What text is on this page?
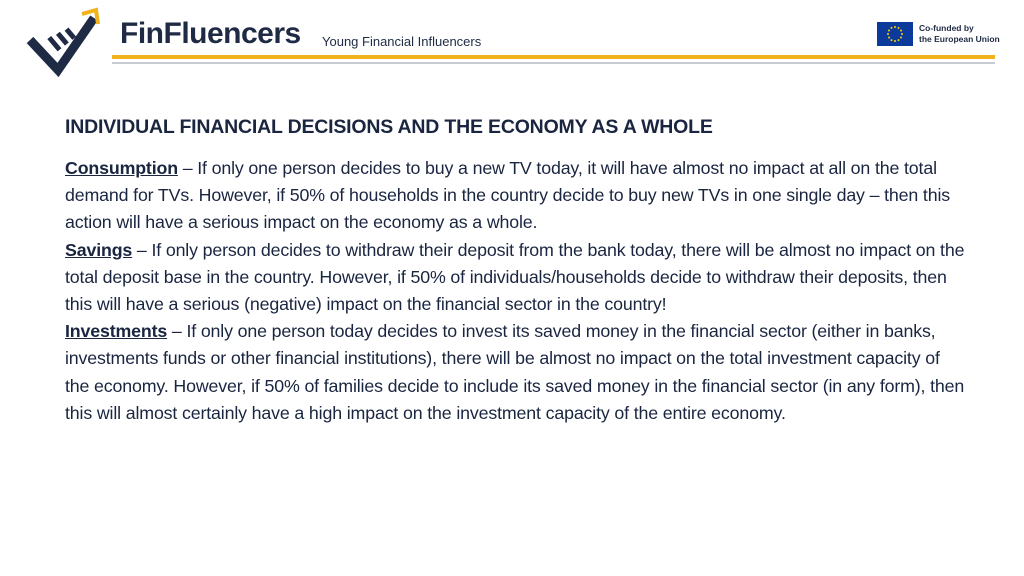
FinFluencers Young Financial Influencers
Co-funded by
the European Union
INDIVIDUAL FINANCIAL DECISIONS AND THE ECONOMY AS A WHOLE

Consumption – If only one person decides to buy a new TV today, it will have almost no impact at all on the total demand for TVs. However, if 50% of households in the country decide to buy new TVs in one single day – then this action will have a serious impact on the economy as a whole.

Savings – If only person decides to withdraw their deposit from the bank today, there will be almost no impact on the total deposit base in the country. However, if 50% of individuals/households decide to withdraw their deposits, then this will have a serious (negative) impact on the financial sector in the country!

Investments – If only one person today decides to invest its saved money in the financial sector (either in banks, investments funds or other financial institutions), there will be almost no impact on the total investment capacity of the economy. However, if 50% of families decide to include its saved money in the financial sector (in any form), then this will almost certainly have a high impact on the investment capacity of the entire economy.
